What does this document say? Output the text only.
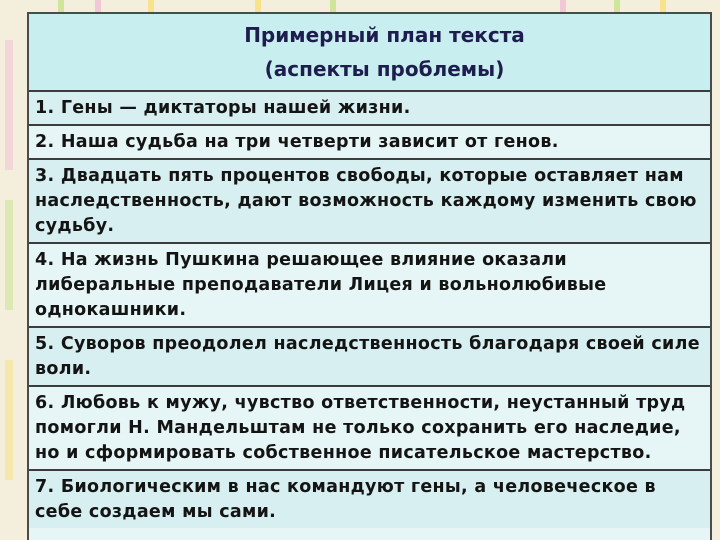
Примерный план текста
(аспекты проблемы)
1. Гены — диктаторы нашей жизни.
2. Наша судьба на три четверти зависит от генов.
3. Двадцать пять процентов свободы, которые оставляет нам наследственность, дают возможность каждому изменить свою судьбу.
4. На жизнь Пушкина решающее влияние оказали либеральные преподаватели Лицея и вольнолюбивые однокашники.
5. Суворов преодолел наследственность благодаря своей силе воли.
6. Любовь к мужу, чувство ответственности, неустанный труд помогли Н. Мандельштам не только сохранить его наследие, но и сформировать собственное писательское мастерство.
7. Биологическим в нас командуют гены, а человеческое в себе создаем мы сами.
